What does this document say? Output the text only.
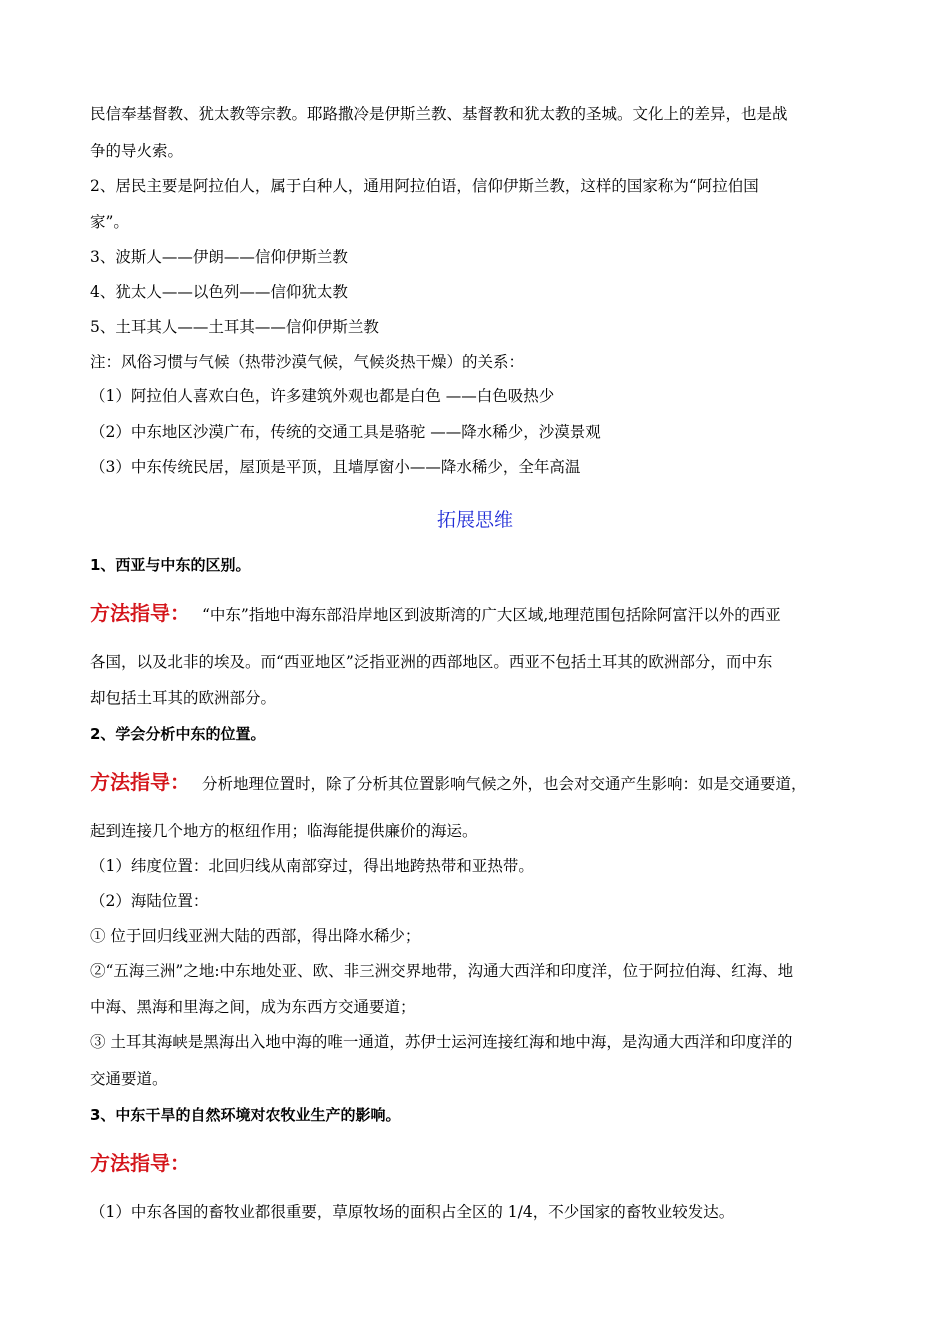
民信奉基督教、犹太教等宗教。耶路撒冷是伊斯兰教、基督教和犹太教的圣城。文化上的差异，也是战
争的导火索。
2、居民主要是阿拉伯人，属于白种人，通用阿拉伯语，信仰伊斯兰教，这样的国家称为“阿拉伯国
家”。
3、波斯人——伊朗——信仰伊斯兰教
4、犹太人——以色列——信仰犹太教
5、土耳其人——土耳其——信仰伊斯兰教
注：风俗习惯与气候（热带沙漠气候，气候炎热干燥）的关系：
（1）阿拉伯人喜欢白色，许多建筑外观也都是白色 ——白色吸热少
（2）中东地区沙漠广布，传统的交通工具是骆驼 ——降水稀少，沙漠景观
（3）中东传统民居，屋顶是平顶，且墙厚窗小——降水稀少，全年高温
拓展思维
1、西亚与中东的区别。
方法指导： “中东”指地中海东部沿岸地区到波斯湾的广大区域,地理范围包括除阿富汗以外的西亚
各国，以及北非的埃及。而“西亚地区”泛指亚洲的西部地区。西亚不包括土耳其的欧洲部分，而中东
却包括土耳其的欧洲部分。
2、学会分析中东的位置。
方法指导： 分析地理位置时，除了分析其位置影响气候之外，也会对交通产生影响：如是交通要道，
起到连接几个地方的枢纽作用；临海能提供廉价的海运。
（1）纬度位置：北回归线从南部穿过，得出地跨热带和亚热带。
（2）海陆位置：
① 位于回归线亚洲大陆的西部，得出降水稀少；
②“五海三洲”之地:中东地处亚、欧、非三洲交界地带，沟通大西洋和印度洋，位于阿拉伯海、红海、地
中海、黑海和里海之间，成为东西方交通要道；
③ 土耳其海峡是黑海出入地中海的唯一通道，苏伊士运河连接红海和地中海，是沟通大西洋和印度洋的
交通要道。
3、中东干旱的自然环境对农牧业生产的影响。
方法指导：
（1）中东各国的畜牧业都很重要，草原牧场的面积占全区的 1/4，不少国家的畜牧业较发达。
